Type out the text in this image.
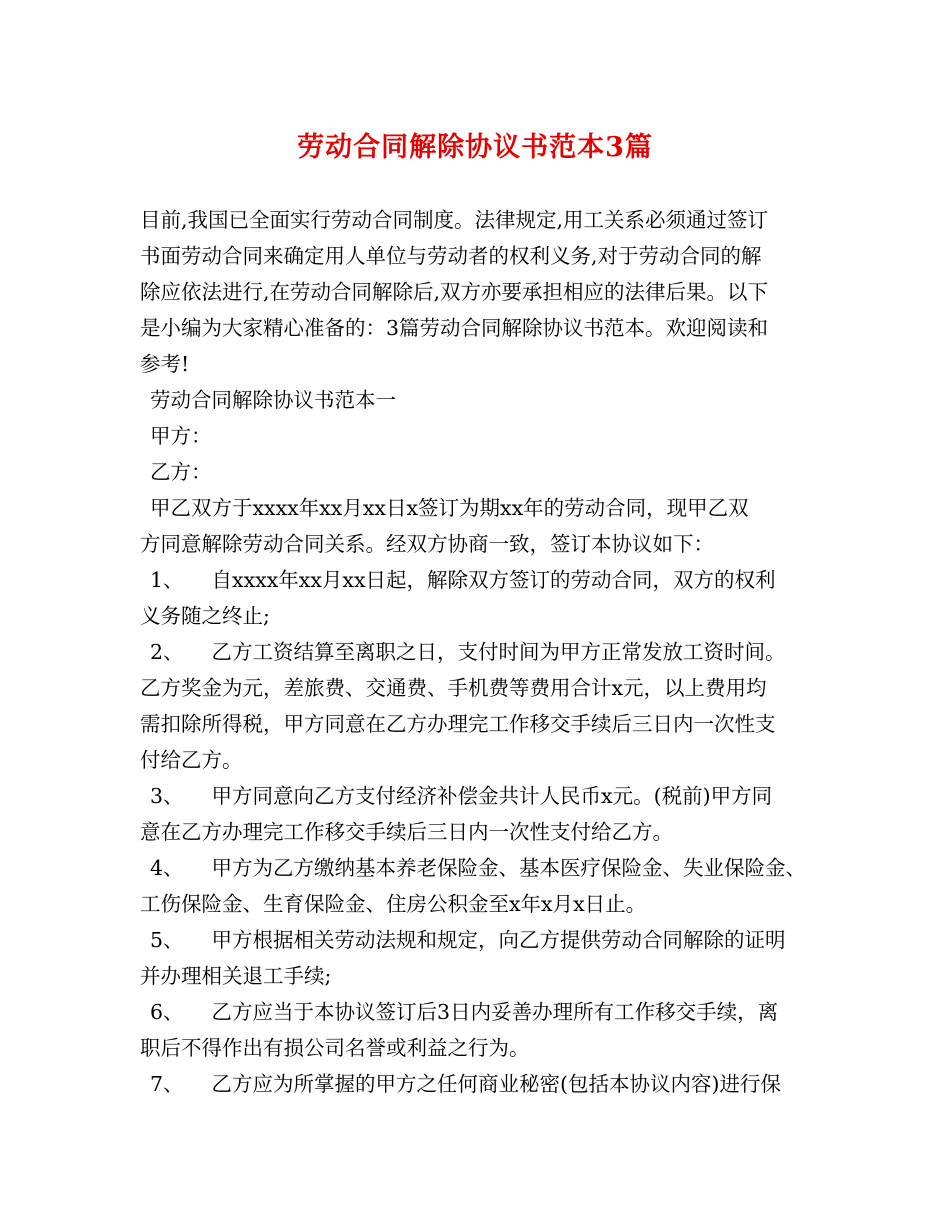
劳动合同解除协议书范本3篇
目前,我国已全面实行劳动合同制度。法律规定,用工关系必须通过签订
书面劳动合同来确定用人单位与劳动者的权利义务,对于劳动合同的解
除应依法进行,在劳动合同解除后,双方亦要承担相应的法律后果。以下
是小编为大家精心准备的：3篇劳动合同解除协议书范本。欢迎阅读和
参考!
劳动合同解除协议书范本一
甲方：
乙方：
甲乙双方于xxxx年xx月xx日x签订为期xx年的劳动合同，现甲乙双
方同意解除劳动合同关系。经双方协商一致，签订本协议如下：
1、 自xxxx年xx月xx日起，解除双方签订的劳动合同，双方的权利
义务随之终止;
2、 乙方工资结算至离职之日，支付时间为甲方正常发放工资时间。
乙方奖金为元，差旅费、交通费、手机费等费用合计x元，以上费用均
需扣除所得税，甲方同意在乙方办理完工作移交手续后三日内一次性支
付给乙方。
3、 甲方同意向乙方支付经济补偿金共计人民币x元。(税前)甲方同
意在乙方办理完工作移交手续后三日内一次性支付给乙方。
4、 甲方为乙方缴纳基本养老保险金、基本医疗保险金、失业保险金、
工伤保险金、生育保险金、住房公积金至x年x月x日止。
5、 甲方根据相关劳动法规和规定，向乙方提供劳动合同解除的证明
并办理相关退工手续;
6、 乙方应当于本协议签订后3日内妥善办理所有工作移交手续，离
职后不得作出有损公司名誉或利益之行为。
7、 乙方应为所掌握的甲方之任何商业秘密(包括本协议内容)进行保
